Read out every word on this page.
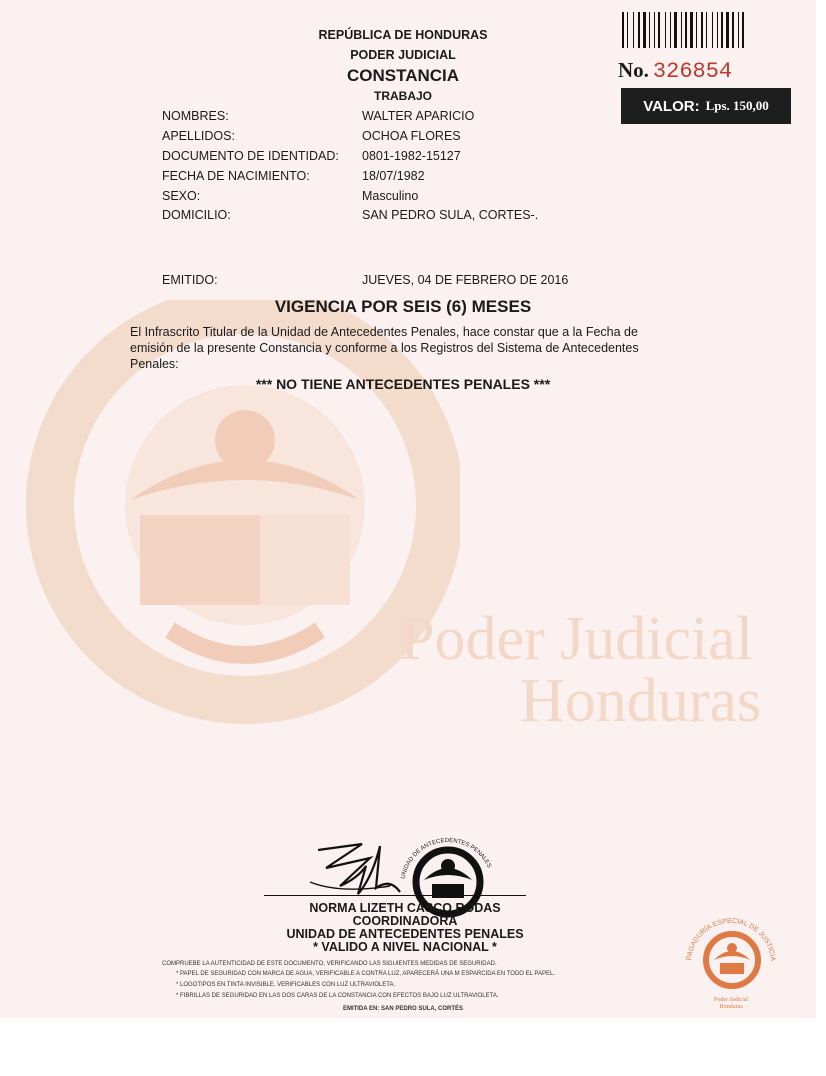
Poder Judicial
Honduras
No. 326854
VALOR: Lps. 150,00
REPÚBLICA DE HONDURAS
PODER JUDICIAL
CONSTANCIA
TRABAJO
NOMBRES:	WALTER APARICIO
APELLIDOS:	OCHOA FLORES
DOCUMENTO DE IDENTIDAD: 0801-1982-15127
FECHA DE NACIMIENTO:	18/07/1982
SEXO:	Masculino
DOMICILIO:	SAN PEDRO SULA, CORTES-.
EMITIDO:	JUEVES, 04 DE FEBRERO DE 2016
VIGENCIA POR SEIS (6) MESES
El Infrascrito Titular de la Unidad de Antecedentes Penales, hace constar que a la Fecha de
emisión de la presente Constancia y conforme a los Registros del Sistema de Antecedentes
Penales:
*** NO TIENE ANTECEDENTES PENALES ***
UNIDAD DE ANTECEDENTES PENALES
NORMA LIZETH CASCO RODAS
COORDINADORA
UNIDAD DE ANTECEDENTES PENALES
* VALIDO A NIVEL NACIONAL *
COMPRUEBE LA AUTENTICIDAD DE ESTE DOCUMENTO, VERIFICANDO LAS SIGUIENTES MEDIDAS DE SEGURIDAD.
* PAPEL DE SEGURIDAD CON MARCA DE AGUA, VERIFICABLE A CONTRA LUZ, APARECERÁ UNA M ESPARCIDA EN TODO EL PAPEL.
* LOGOTIPOS EN TINTA INVISIBLE, VERIFICABLES CON LUZ ULTRAVIOLETA.
* FIBRILLAS DE SEGURIDAD EN LAS DOS CARAS DE LA CONSTANCIA CON EFECTOS BAJO LUZ ULTRAVIOLETA.
EMITIDA EN: SAN PEDRO SULA, CORTÉS
PAGADURÍA ESPECIAL DE JUSTICIA
Poder Judicial
Honduras
